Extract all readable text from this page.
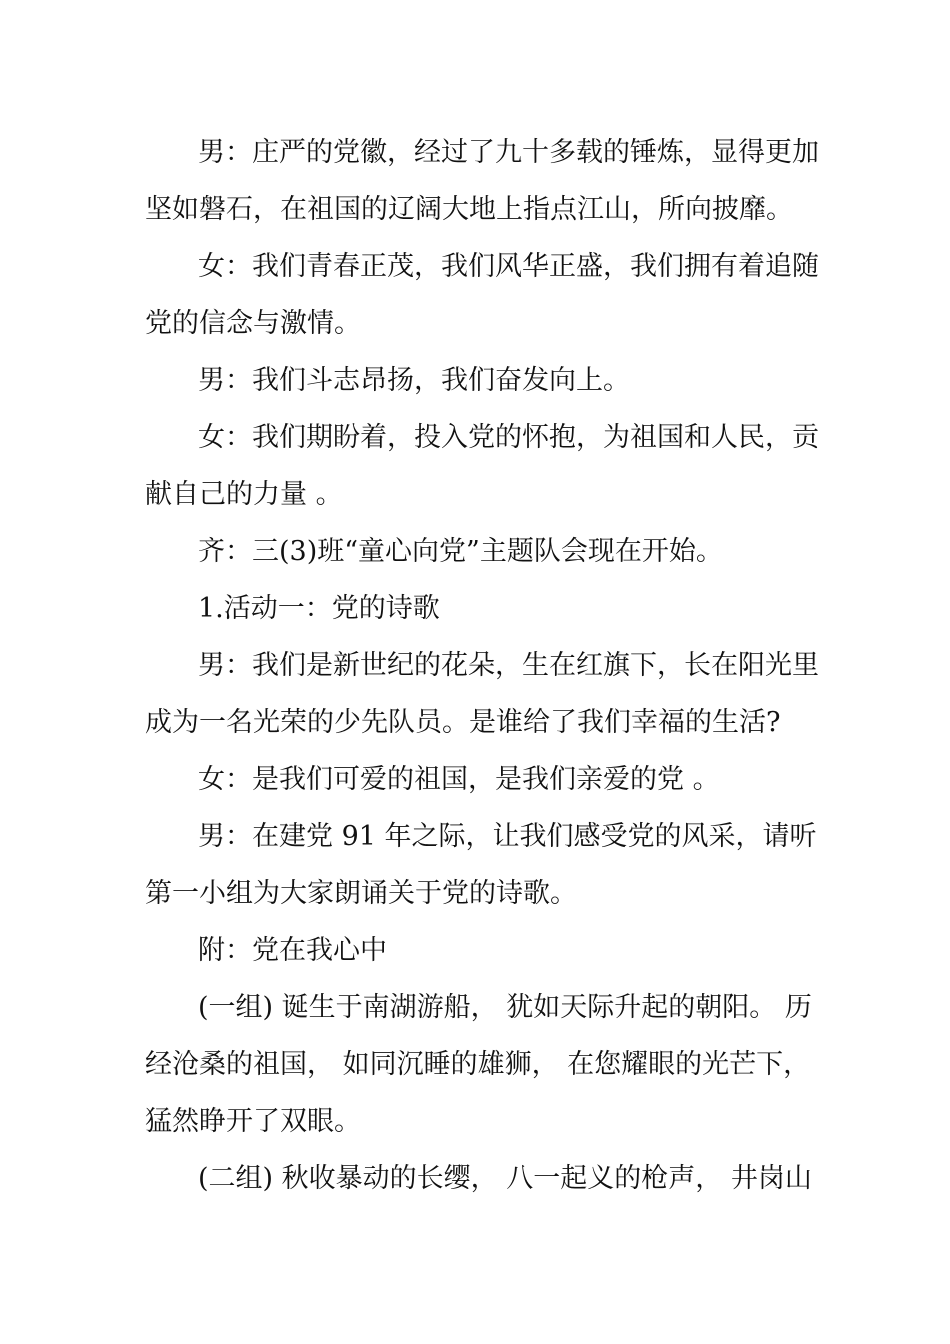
男：庄严的党徽，经过了九十多载的锤炼，显得更加

坚如磐石，在祖国的辽阔大地上指点江山，所向披靡。

女：我们青春正茂，我们风华正盛，我们拥有着追随

党的信念与激情。

男：我们斗志昂扬，我们奋发向上。

女：我们期盼着，投入党的怀抱，为祖国和人民，贡

献自己的力量 。

齐：三(3)班“童心向党”主题队会现在开始。

1.活动一：党的诗歌

男：我们是新世纪的花朵，生在红旗下，长在阳光里

成为一名光荣的少先队员。是谁给了我们幸福的生活?

女：是我们可爱的祖国，是我们亲爱的党 。

男：在建党 91 年之际，让我们感受党的风采，请听

第一小组为大家朗诵关于党的诗歌。

附：党在我心中

(一组) 诞生于南湖游船， 犹如天际升起的朝阳。 历

经沧桑的祖国， 如同沉睡的雄狮， 在您耀眼的光芒下，

猛然睁开了双眼。

(二组) 秋收暴动的长缨， 八一起义的枪声， 井岗山
